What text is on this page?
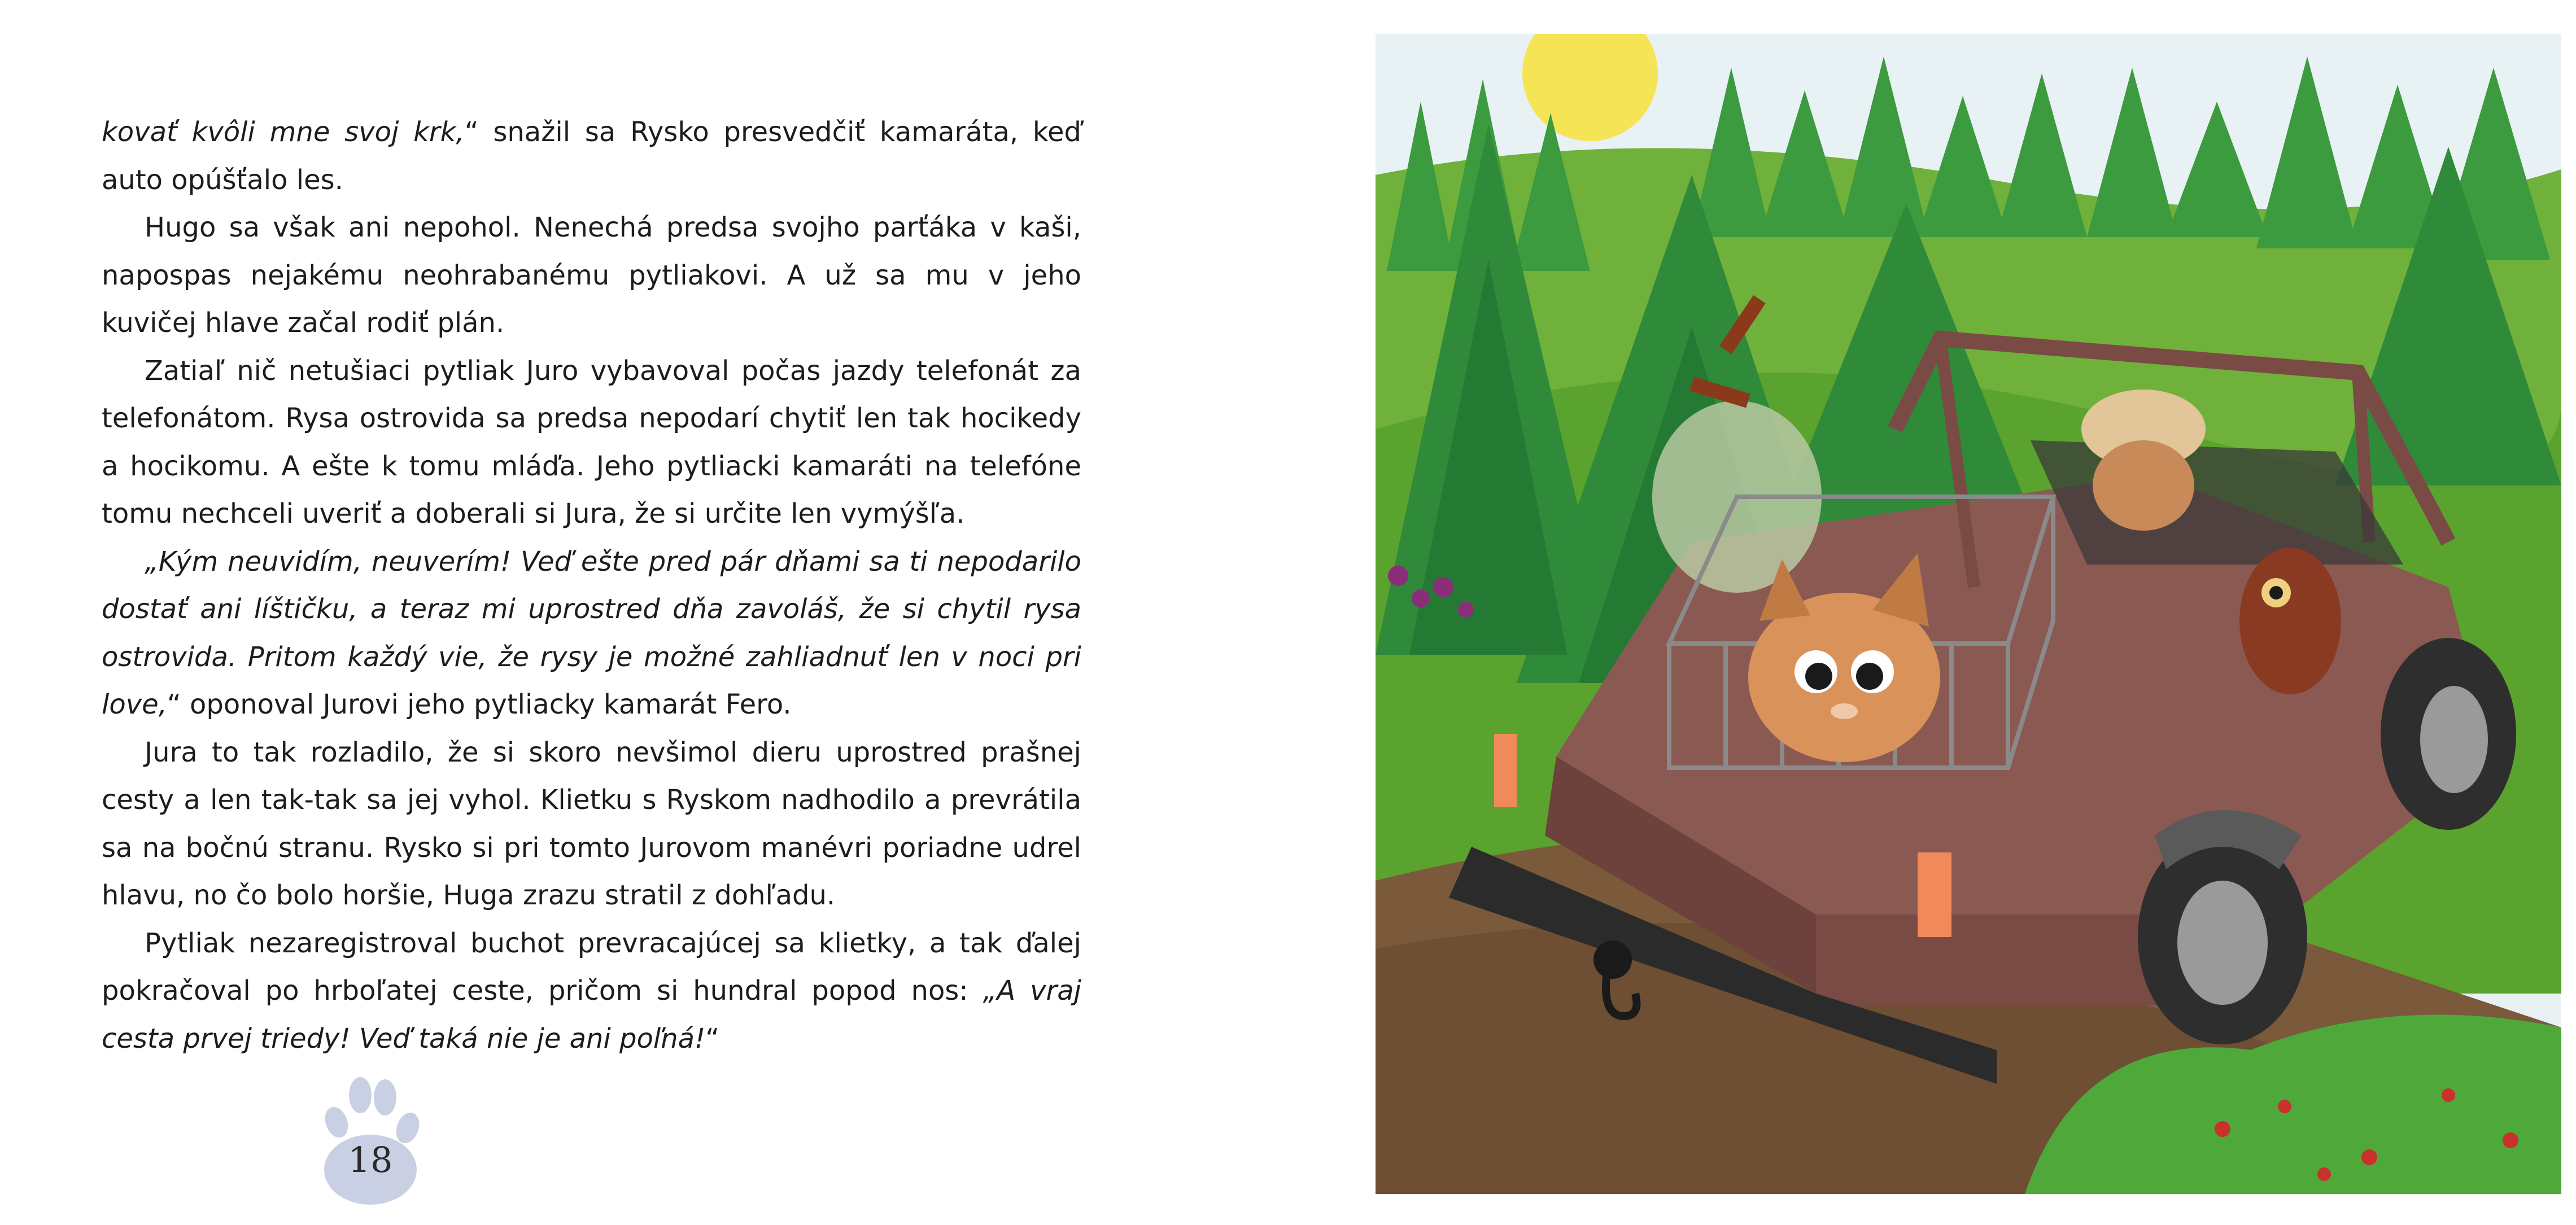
kovať kvôli mne svoj krk,“ snažil sa Rysko presvedčiť kamaráta, keď auto opúšťalo les.

Hugo sa však ani nepohol. Nenechá predsa svojho parťáka v kaši, napospas nejakému neohrabanému pytliakovi. A už sa mu v jeho kuvičej hlave začal rodiť plán.

Zatiaľ nič netušiaci pytliak Juro vybavoval počas jazdy telefonát za telefonátom. Rysa ostrovida sa predsa nepodarí chytiť len tak hocikedy a hocikomu. A ešte k tomu mláďa. Jeho pytliacki kamaráti na telefóne tomu nechceli uveriť a doberali si Jura, že si určite len vymýšľa.

„Kým neuvidím, neuverím! Veď ešte pred pár dňami sa ti nepodarilo dostať ani líštičku, a teraz mi uprostred dňa zavoláš, že si chytil rysa ostrovida. Pritom každý vie, že rysy je možné zahliadnuť len v noci pri love,“ oponoval Jurovi jeho pytliacky kamarát Fero.

Jura to tak rozladilo, že si skoro nevšimol dieru uprostred prašnej cesty a len tak-tak sa jej vyhol. Klietku s Ryskom nadhodilo a prevrátila sa na bočnú stranu. Rysko si pri tomto Jurovom manévri poriadne udrel hlavu, no čo bolo horšie, Huga zrazu stratil z dohľadu.

Pytliak nezaregistroval buchot prevracajúcej sa klietky, a tak ďalej pokračoval po hrboľatej ceste, pričom si hundral popod nos: „A vraj cesta prvej triedy! Veď taká nie je ani poľná!“

18
